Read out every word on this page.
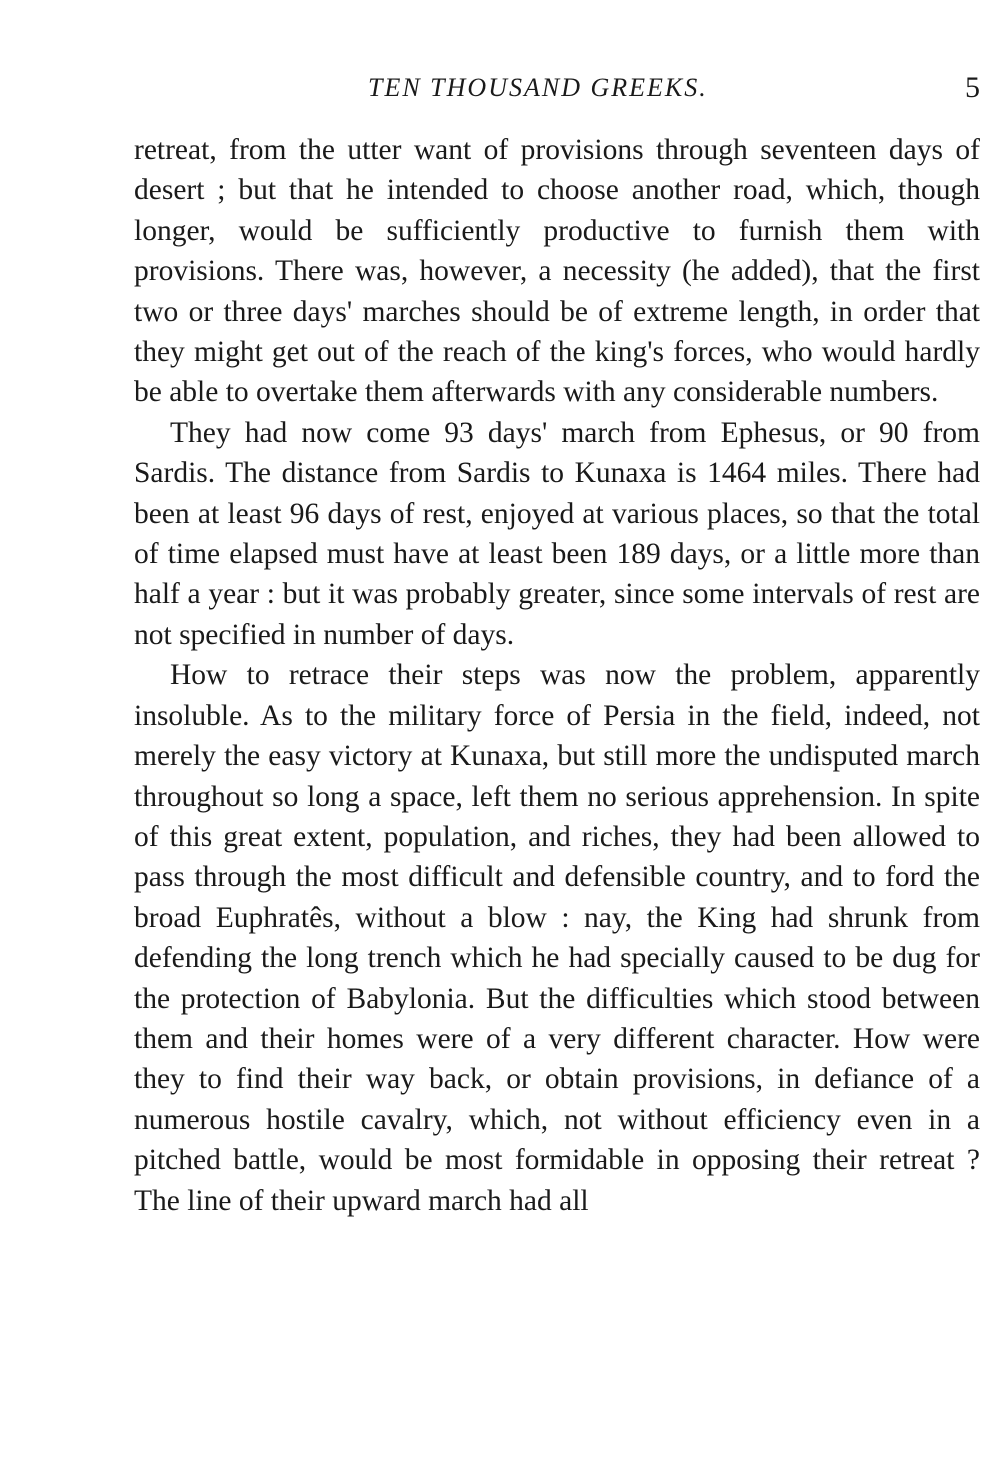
TEN THOUSAND GREEKS.	5

retreat, from the utter want of provisions through seventeen days of desert ; but that he intended to choose another road, which, though longer, would be sufficiently productive to furnish them with provisions. There was, however, a necessity (he added), that the first two or three days' marches should be of extreme length, in order that they might get out of the reach of the king's forces, who would hardly be able to overtake them afterwards with any considerable numbers.

They had now come 93 days' march from Ephesus, or 90 from Sardis. The distance from Sardis to Kunaxa is 1464 miles. There had been at least 96 days of rest, enjoyed at various places, so that the total of time elapsed must have at least been 189 days, or a little more than half a year : but it was probably greater, since some intervals of rest are not specified in number of days.

How to retrace their steps was now the problem, apparently insoluble. As to the military force of Persia in the field, indeed, not merely the easy victory at Kunaxa, but still more the undisputed march throughout so long a space, left them no serious apprehension. In spite of this great extent, population, and riches, they had been allowed to pass through the most difficult and defensible country, and to ford the broad Euphratês, without a blow : nay, the King had shrunk from defending the long trench which he had specially caused to be dug for the protection of Babylonia. But the difficulties which stood between them and their homes were of a very different character. How were they to find their way back, or obtain provisions, in defiance of a numerous hostile cavalry, which, not without efficiency even in a pitched battle, would be most formidable in opposing their retreat ? The line of their upward march had all
